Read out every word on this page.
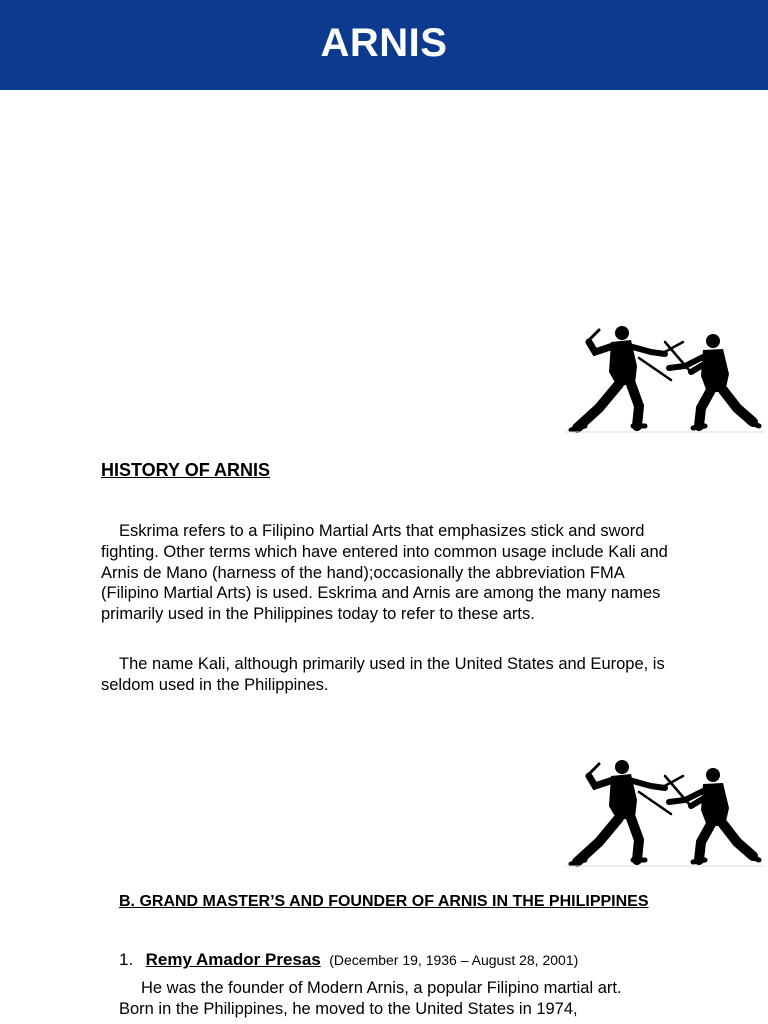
ARNIS
HISTORY OF ARNIS
Eskrima refers to a Filipino Martial Arts that emphasizes stick and sword fighting. Other terms which have entered into common usage include Kali and Arnis de Mano (harness of the hand);occasionally the abbreviation FMA (Filipino Martial Arts) is used. Eskrima and Arnis are among the many names primarily used in the Philippines today to refer to these arts.
The name Kali, although primarily used in the United States and Europe, is seldom used in the Philippines.
B. GRAND MASTER’S AND FOUNDER OF ARNIS IN THE PHILIPPINES
1. Remy Amador Presas (December 19, 1936 – August 28, 2001)
He was the founder of Modern Arnis, a popular Filipino martial art. Born in the Philippines, he moved to the United States in 1974,
